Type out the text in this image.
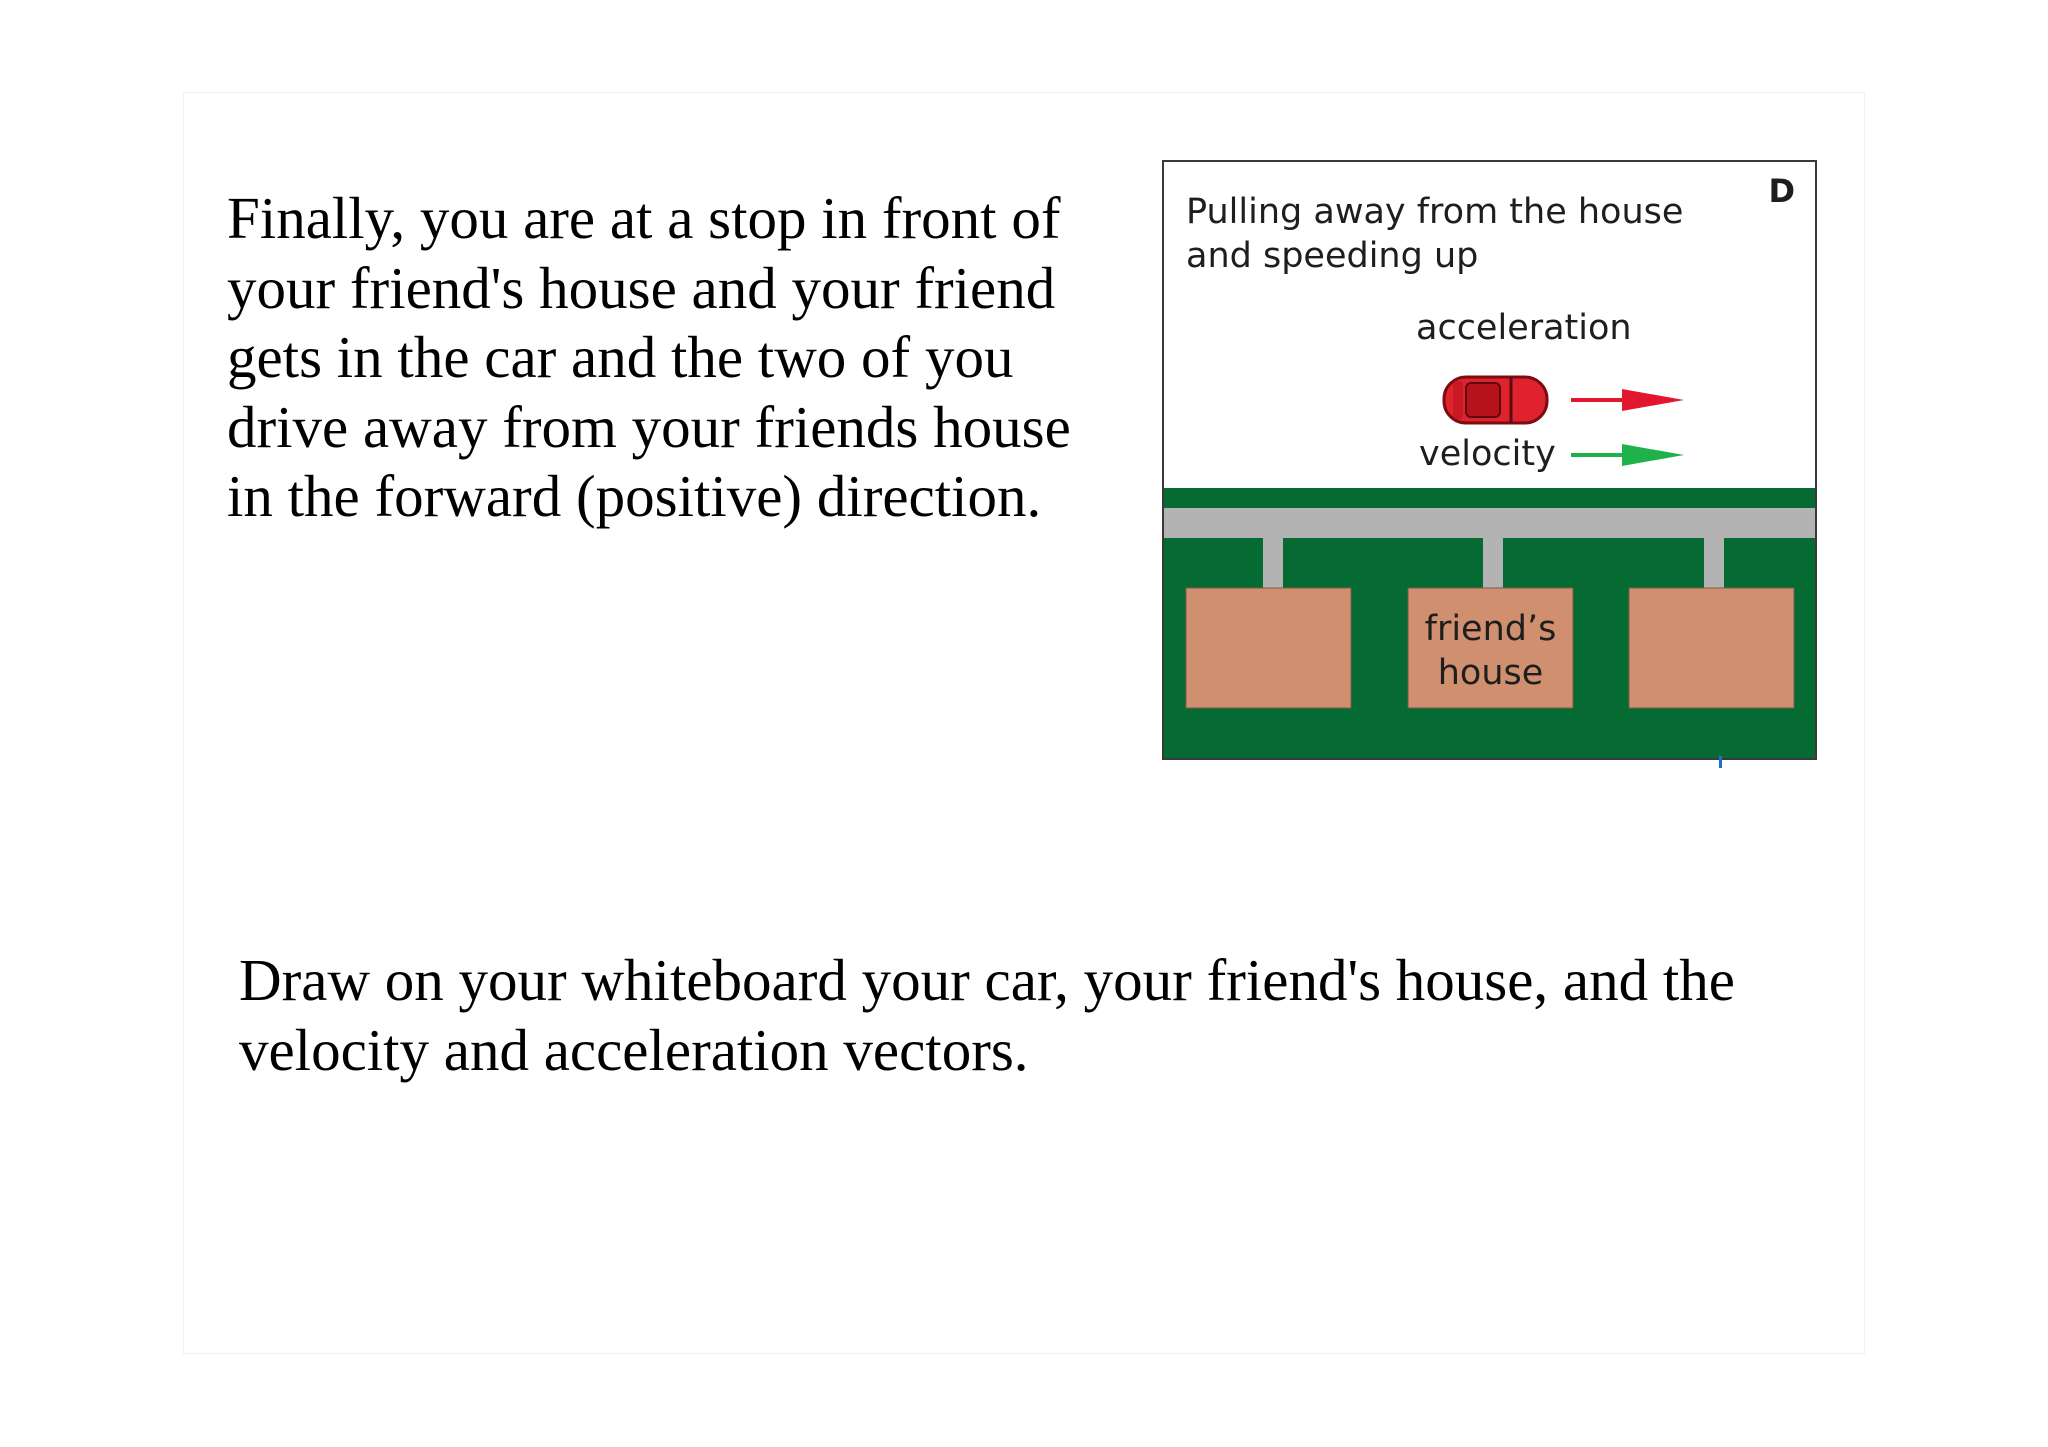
Finally, you are at a stop in front of
your friend's house and your friend
gets in the car and the two of you
drive away from your friends house
in the forward (positive) direction.

Pulling away from the house
and speeding up
D
acceleration
velocity
friend’s
house

Draw on your whiteboard your car, your friend's house, and the
velocity and acceleration vectors.
